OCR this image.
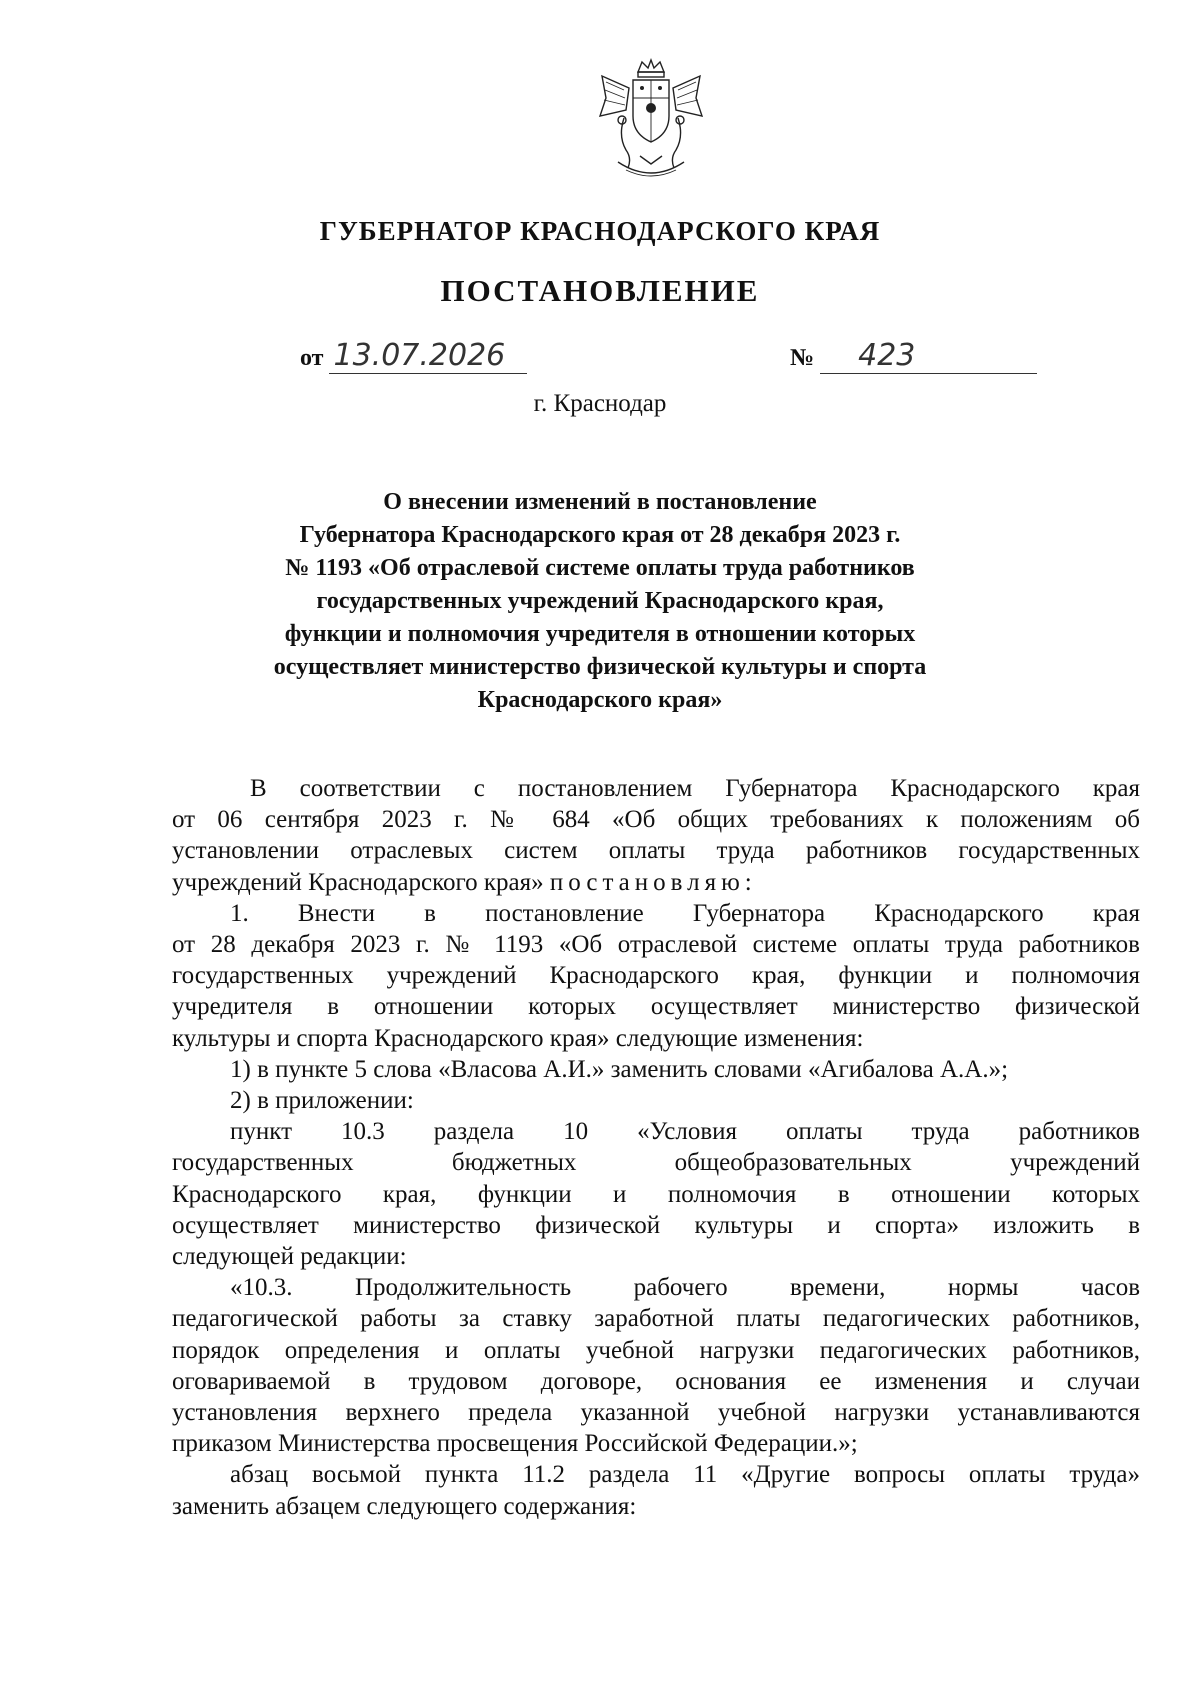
ГУБЕРНАТОР КРАСНОДАРСКОГО КРАЯ
ПОСТАНОВЛЕНИЕ
от 13.07.2026	№ 423
г. Краснодар
О внесении изменений в постановление
Губернатора Краснодарского края от 28 декабря 2023 г.
№ 1193 «Об отраслевой системе оплаты труда работников
государственных учреждений Краснодарского края,
функции и полномочия учредителя в отношении которых
осуществляет министерство физической культуры и спорта
Краснодарского края»
В соответствии с постановлением Губернатора Краснодарского края
от 06 сентября 2023 г. № 684 «Об общих требованиях к положениям об
установлении отраслевых систем оплаты труда работников государственных
учреждений Краснодарского края» постановляю:
1. Внести в постановление Губернатора Краснодарского края
от 28 декабря 2023 г. № 1193 «Об отраслевой системе оплаты труда работников
государственных учреждений Краснодарского края, функции и полномочия
учредителя в отношении которых осуществляет министерство физической
культуры и спорта Краснодарского края» следующие изменения:
1) в пункте 5 слова «Власова А.И.» заменить словами «Агибалова А.А.»;
2) в приложении:
пункт 10.3 раздела 10 «Условия оплаты труда работников
государственных бюджетных общеобразовательных учреждений
Краснодарского края, функции и полномочия в отношении которых
осуществляет министерство физической культуры и спорта» изложить в
следующей редакции:
«10.3. Продолжительность рабочего времени, нормы часов
педагогической работы за ставку заработной платы педагогических работников,
порядок определения и оплаты учебной нагрузки педагогических работников,
оговариваемой в трудовом договоре, основания ее изменения и случаи
установления верхнего предела указанной учебной нагрузки устанавливаются
приказом Министерства просвещения Российской Федерации.»;
абзац восьмой пункта 11.2 раздела 11 «Другие вопросы оплаты труда»
заменить абзацем следующего содержания:
